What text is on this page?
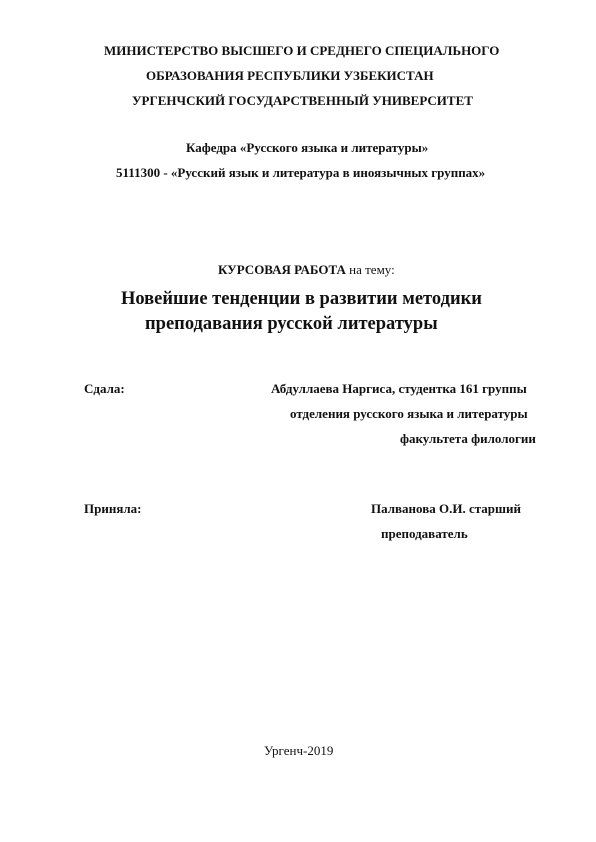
МИНИСТЕРСТВО ВЫСШЕГО И СРЕДНЕГО СПЕЦИАЛЬНОГО
ОБРАЗОВАНИЯ РЕСПУБЛИКИ УЗБЕКИСТАН
УРГЕНЧСКИЙ ГОСУДАРСТВЕННЫЙ УНИВЕРСИТЕТ
Кафедра «Русского языка и литературы»
5111300 - «Русский язык и литература в иноязычных группах»
КУРСОВАЯ РАБОТА на тему:
Новейшие тенденции в развитии методики
преподавания русской литературы
Сдала:	Абдуллаева Наргиса, студентка 161 группы
отделения русского языка и литературы
факультета филологии
Приняла:	Палванова О.И. старший
преподаватель
Ургенч-2019
